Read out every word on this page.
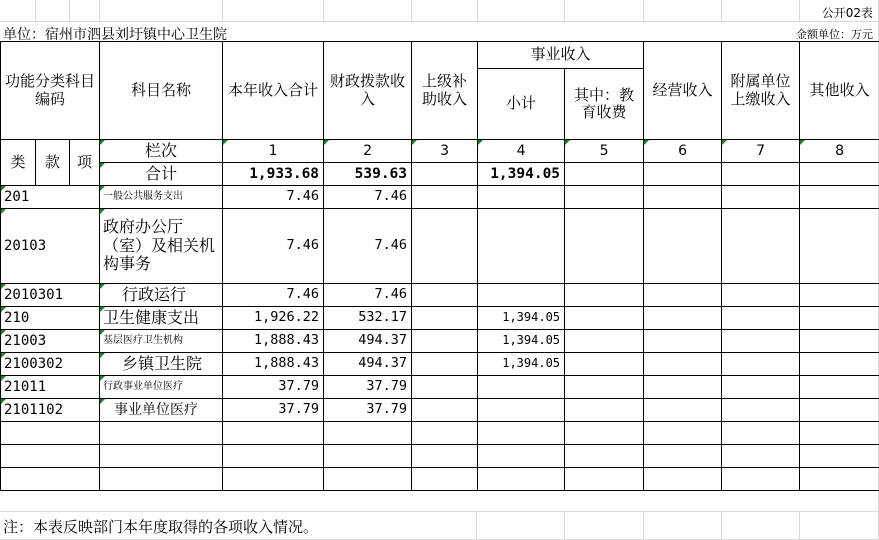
公开02表
单位：宿州市泗县刘圩镇中心卫生院	金额单位：万元
功能分类科目编码			科目名称	本年收入合计	财政拨款收入	上级补助收入	事业收入		经营收入	附属单位上缴收入	其他收入
							小计	其中：教育收费			
类	款	项	栏次	1	2	3	4	5	6	7	8
			合计	1,933.68	539.63		1,394.05				
201			一般公共服务支出	7.46	7.46						
20103			政府办公厅（室）及相关机构事务	7.46	7.46						
2010301			行政运行	7.46	7.46						
210			卫生健康支出	1,926.22	532.17		1,394.05				
21003			基层医疗卫生机构	1,888.43	494.37		1,394.05				
2100302			乡镇卫生院	1,888.43	494.37		1,394.05				
21011			行政事业单位医疗	37.79	37.79						
2101102			事业单位医疗	37.79	37.79						

注：本表反映部门本年度取得的各项收入情况。
